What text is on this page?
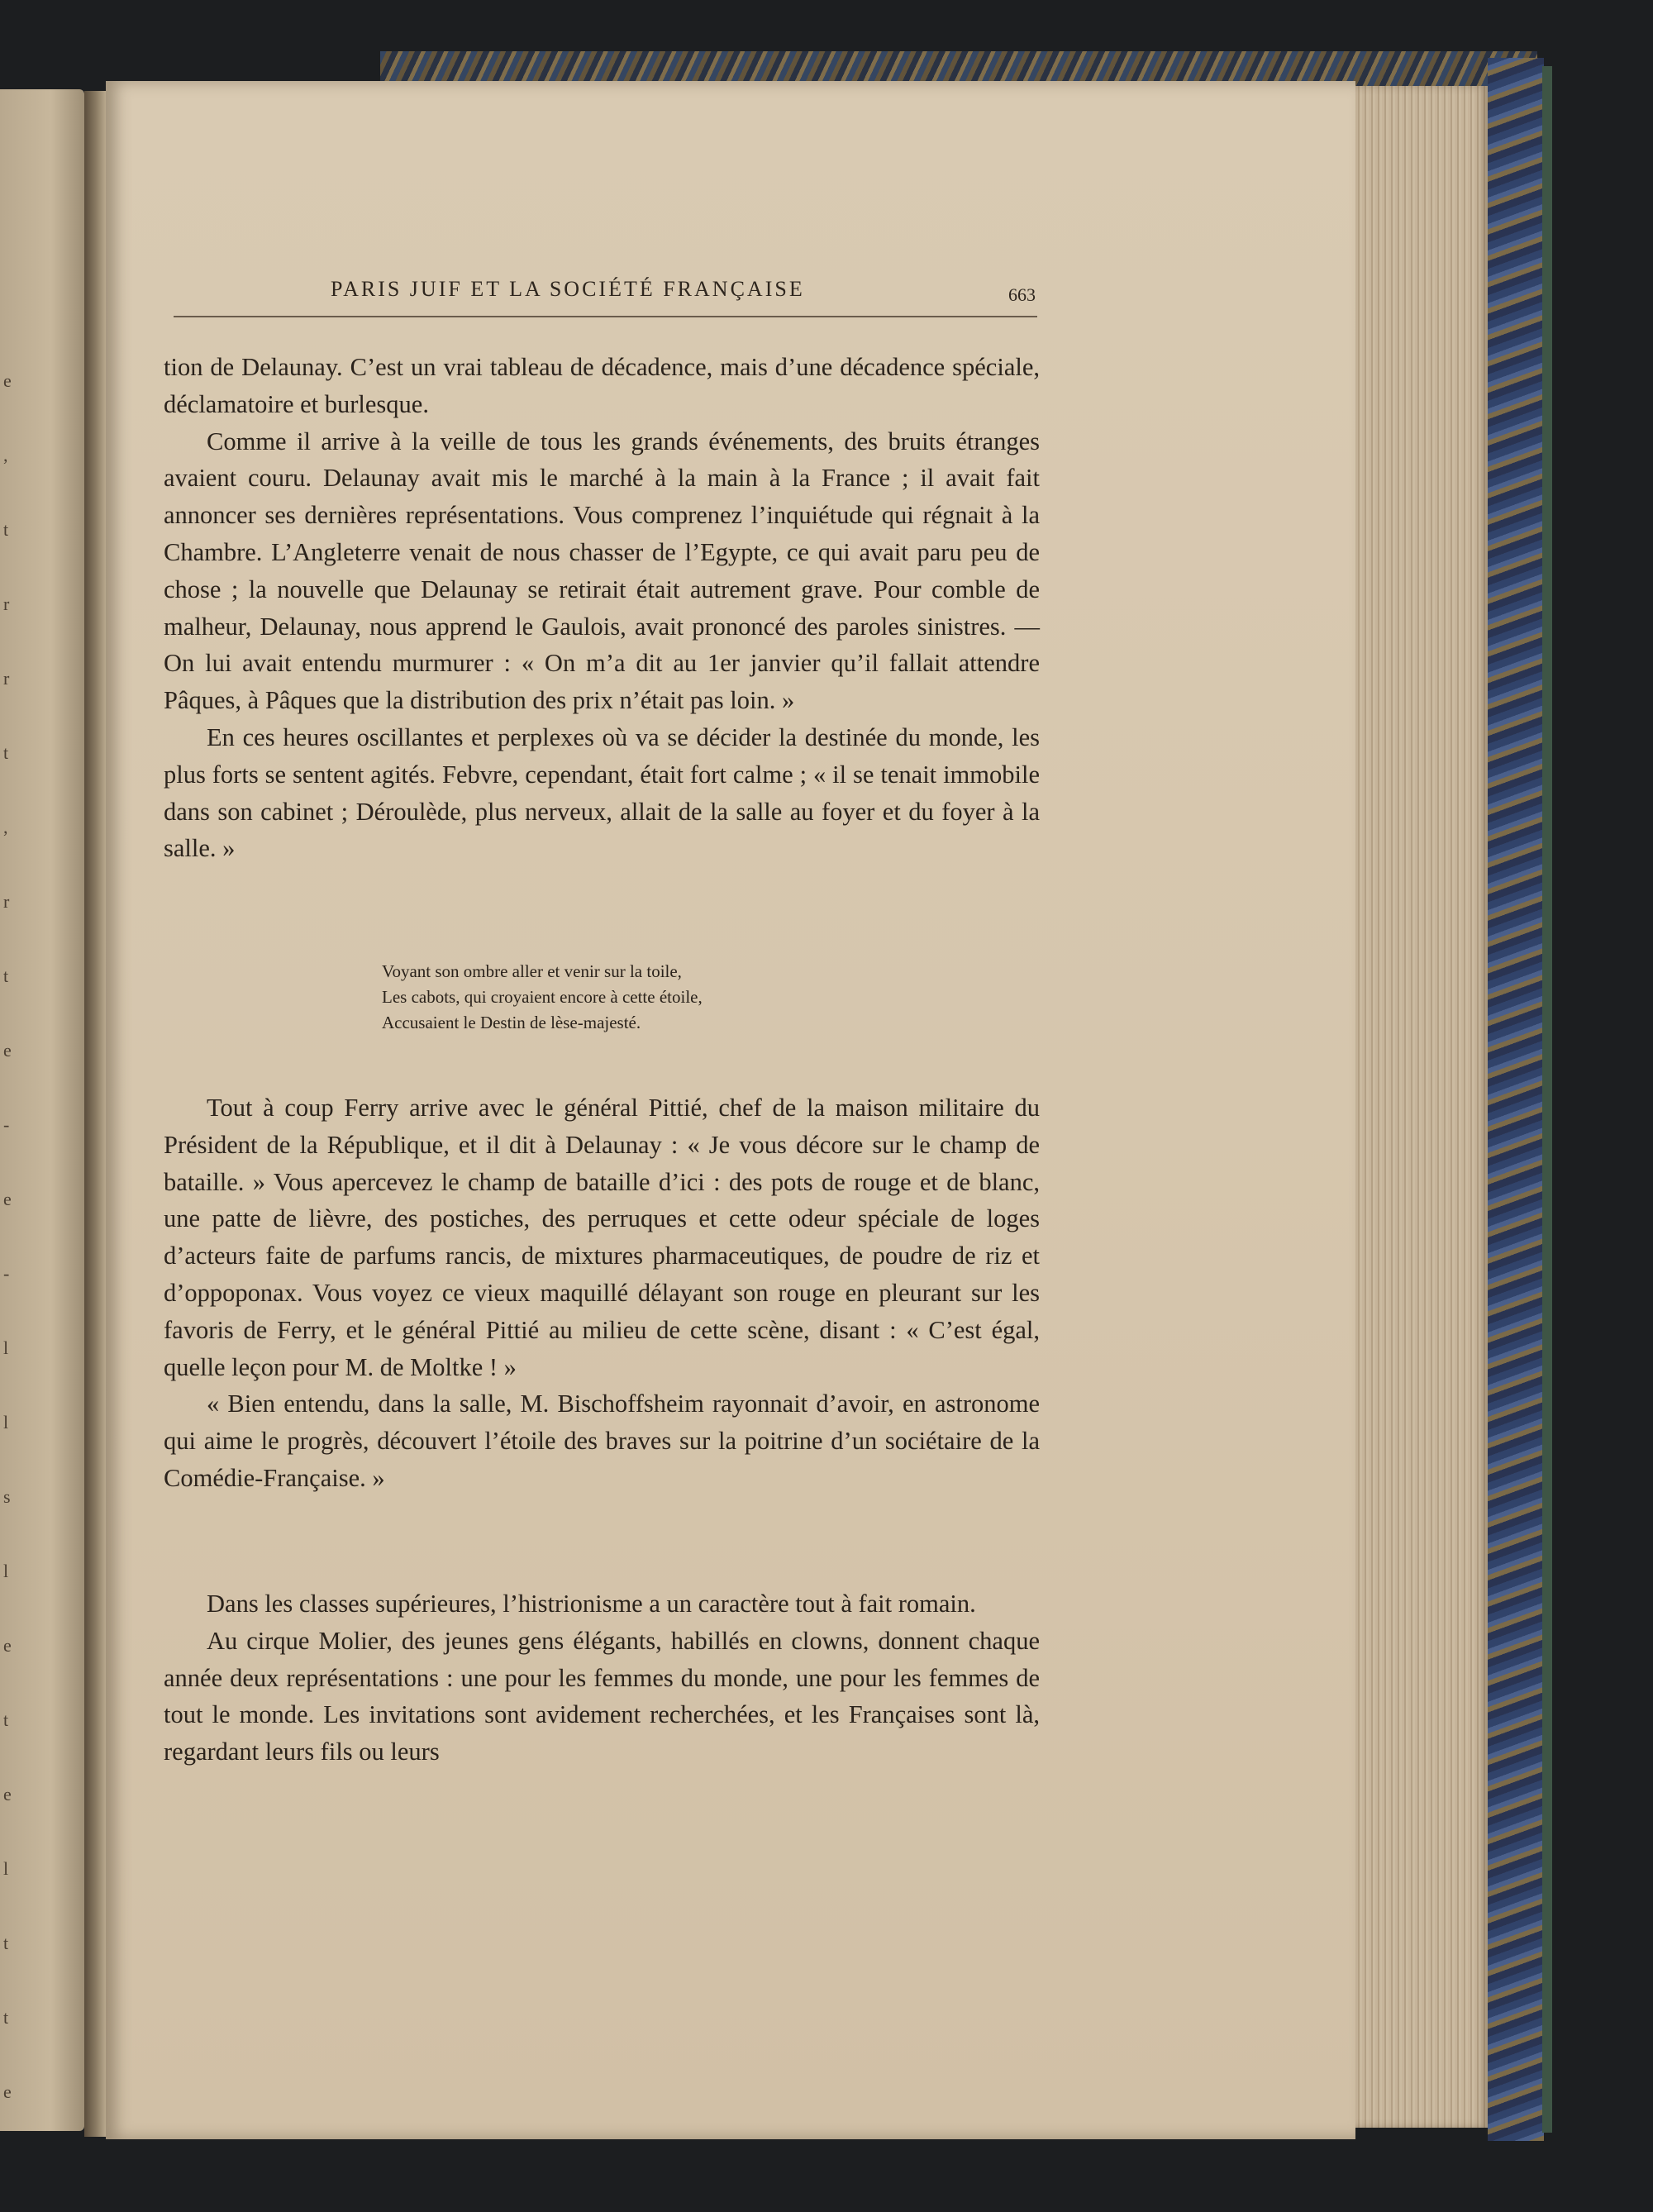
e
,
t
r
r
t
,
r
t
e
-
e
-
l
l
s
l
e
t
e
l
t
t
e
PARIS JUIF ET LA SOCIÉTÉ FRANÇAISE	663

tion de Delaunay. C’est un vrai tableau de décadence, mais d’une décadence spéciale, déclamatoire et burlesque.

Comme il arrive à la veille de tous les grands événements, des bruits étranges avaient couru. Delaunay avait mis le marché à la main à la France ; il avait fait annoncer ses dernières représentations. Vous comprenez l’inquiétude qui régnait à la Chambre. L’Angleterre venait de nous chasser de l’Egypte, ce qui avait paru peu de chose ; la nouvelle que Delaunay se retirait était autrement grave. Pour comble de malheur, Delaunay, nous apprend le Gaulois, avait prononcé des paroles sinistres. — On lui avait entendu murmurer : « On m’a dit au 1er janvier qu’il fallait attendre Pâques, à Pâques que la distribution des prix n’était pas loin. »

En ces heures oscillantes et perplexes où va se décider la destinée du monde, les plus forts se sentent agités. Febvre, cependant, était fort calme ; « il se tenait immobile dans son cabinet ; Déroulède, plus nerveux, allait de la salle au foyer et du foyer à la salle. »

Voyant son ombre aller et venir sur la toile,
Les cabots, qui croyaient encore à cette étoile,
Accusaient le Destin de lèse-majesté.

Tout à coup Ferry arrive avec le général Pittié, chef de la maison militaire du Président de la République, et il dit à Delaunay : « Je vous décore sur le champ de bataille. » Vous apercevez le champ de bataille d’ici : des pots de rouge et de blanc, une patte de lièvre, des postiches, des perruques et cette odeur spéciale de loges d’acteurs faite de parfums rancis, de mixtures pharmaceutiques, de poudre de riz et d’oppoponax. Vous voyez ce vieux maquillé délayant son rouge en pleurant sur les favoris de Ferry, et le général Pittié au milieu de cette scène, disant : « C’est égal, quelle leçon pour M. de Moltke ! »

« Bien entendu, dans la salle, M. Bischoffsheim rayonnait d’avoir, en astronome qui aime le progrès, découvert l’étoile des braves sur la poitrine d’un sociétaire de la Comédie-Française. »

Dans les classes supérieures, l’histrionisme a un caractère tout à fait romain.

Au cirque Molier, des jeunes gens élégants, habillés en clowns, donnent chaque année deux représentations : une pour les femmes du monde, une pour les femmes de tout le monde. Les invitations sont avidement recherchées, et les Françaises sont là, regardant leurs fils ou leurs
